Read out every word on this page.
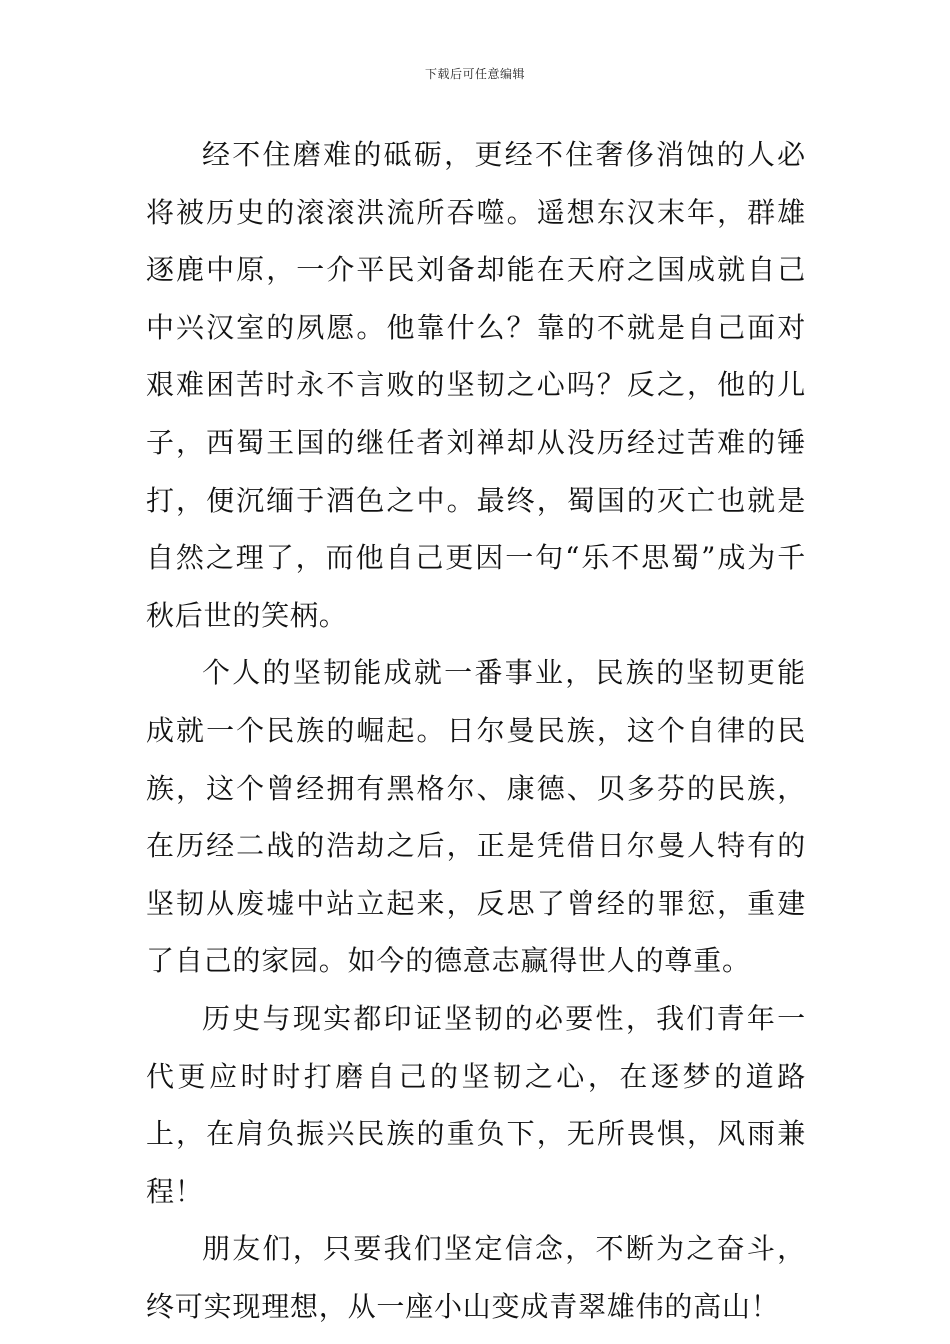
下载后可任意编辑

经不住磨难的砥砺，更经不住奢侈消蚀的人必将被历史的滚滚洪流所吞噬。遥想东汉末年，群雄逐鹿中原，一介平民刘备却能在天府之国成就自己中兴汉室的夙愿。他靠什么？靠的不就是自己面对艰难困苦时永不言败的坚韧之心吗？反之，他的儿子，西蜀王国的继任者刘禅却从没历经过苦难的锤打，便沉缅于酒色之中。最终，蜀国的灭亡也就是自然之理了，而他自己更因一句“乐不思蜀”成为千秋后世的笑柄。

个人的坚韧能成就一番事业，民族的坚韧更能成就一个民族的崛起。日尔曼民族，这个自律的民族，这个曾经拥有黑格尔、康德、贝多芬的民族，在历经二战的浩劫之后，正是凭借日尔曼人特有的坚韧从废墟中站立起来，反思了曾经的罪愆，重建了自己的家园。如今的德意志赢得世人的尊重。

历史与现实都印证坚韧的必要性，我们青年一代更应时时打磨自己的坚韧之心，在逐梦的道路上，在肩负振兴民族的重负下，无所畏惧，风雨兼程！

朋友们，只要我们坚定信念，不断为之奋斗，终可实现理想，从一座小山变成青翠雄伟的高山！
